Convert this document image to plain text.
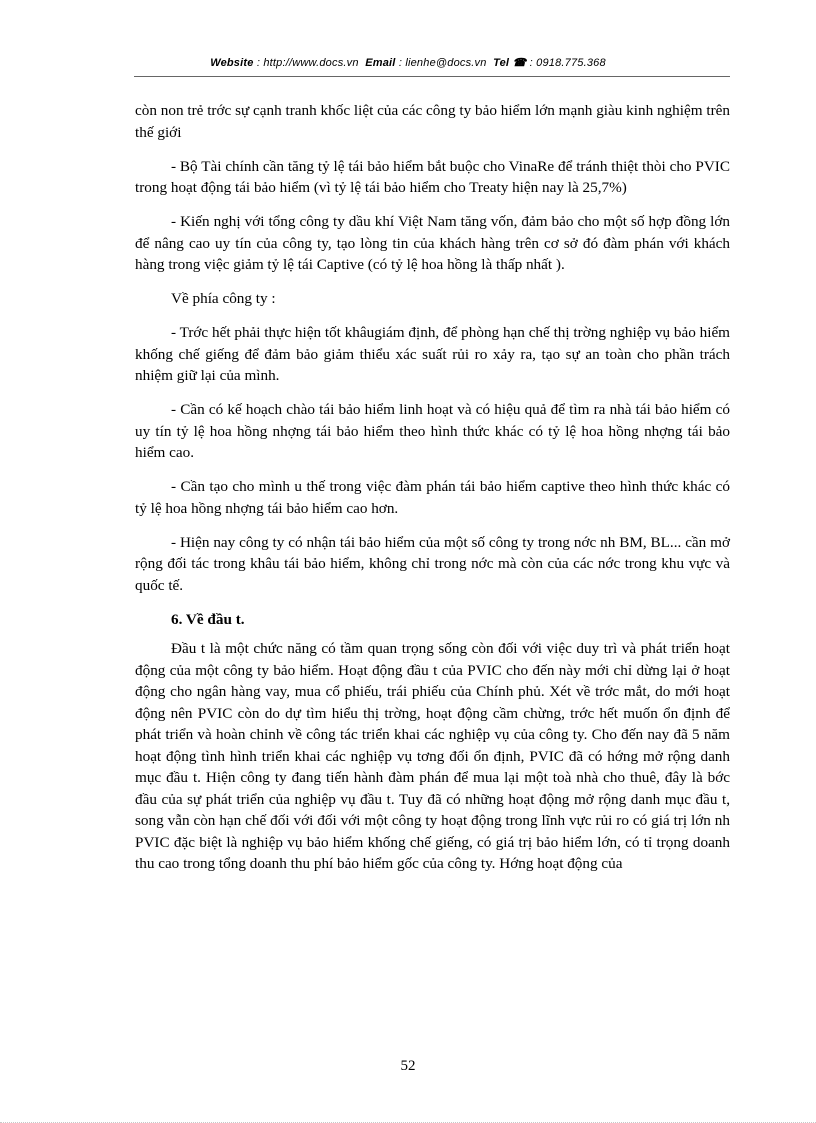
Website : http://www.docs.vn Email : lienhe@docs.vn Tel ☎ : 0918.775.368

còn non trẻ trớc sự cạnh tranh khốc liệt của các công ty bảo hiểm lớn mạnh giàu kinh nghiệm trên thế giới

- Bộ Tài chính cần tăng tỷ lệ tái bảo hiểm bắt buộc cho VinaRe để tránh thiệt thòi cho PVIC trong hoạt động tái bảo hiểm (vì tỷ lệ tái bảo hiểm cho Treaty hiện nay là 25,7%)

- Kiến nghị với tổng công ty dầu khí Việt Nam tăng vốn, đảm bảo cho một số hợp đồng lớn để nâng cao uy tín của công ty, tạo lòng tin của khách hàng trên cơ sở đó đàm phán với khách hàng trong việc giảm tỷ lệ tái Captive (có tỷ lệ hoa hồng là thấp nhất ).

Về phía công ty :

- Trớc hết phải thực hiện tốt khâugiám định, để phòng hạn chế thị trờng nghiệp vụ bảo hiểm khống chế giếng để đảm bảo giảm thiểu xác suất rủi ro xảy ra, tạo sự an toàn cho phần trách nhiệm giữ lại của mình.

- Cần có kế hoạch chào tái bảo hiểm linh hoạt và có hiệu quả để tìm ra nhà tái bảo hiểm có uy tín tỷ lệ hoa hồng nhợng tái bảo hiểm theo hình thức khác có tỷ lệ hoa hồng nhợng tái bảo hiểm cao.

- Cần tạo cho mình u thế trong việc đàm phán tái bảo hiểm captive theo hình thức khác có tỷ lệ hoa hồng nhợng tái bảo hiểm cao hơn.

- Hiện nay công ty có nhận tái bảo hiểm của một số công ty trong nớc nh BM, BL... cần mở rộng đối tác trong khâu tái bảo hiểm, không chỉ trong nớc mà còn của các nớc trong khu vực và quốc tế.

6. Về đầu t.

Đầu t là một chức năng có tầm quan trọng sống còn đối với việc duy trì và phát triển hoạt động của một công ty bảo hiểm. Hoạt động đầu t của PVIC cho đến này mới chỉ dừng lại ở hoạt động cho ngân hàng vay, mua cổ phiếu, trái phiếu của Chính phủ. Xét về trớc mắt, do mới hoạt động nên PVIC còn do dự tìm hiểu thị trờng, hoạt động cầm chừng, trớc hết muốn ổn định để phát triển và hoàn chỉnh về công tác triển khai các nghiệp vụ của công ty. Cho đến nay đã 5 năm hoạt động tình hình triển khai các nghiệp vụ tơng đối ổn định, PVIC đã có hớng mở rộng danh mục đầu t. Hiện công ty đang tiến hành đàm phán để mua lại một toà nhà cho thuê, đây là bớc đầu của sự phát triển của nghiệp vụ đầu t. Tuy đã có những hoạt động mở rộng danh mục đầu t, song vẫn còn hạn chế đối với đối với một công ty hoạt động trong lĩnh vực rủi ro có giá trị lớn nh PVIC đặc biệt là nghiệp vụ bảo hiểm khống chế giếng, có giá trị bảo hiểm lớn, có tỉ trọng doanh thu cao trong tổng doanh thu phí bảo hiểm gốc của công ty. Hớng hoạt động của

52
